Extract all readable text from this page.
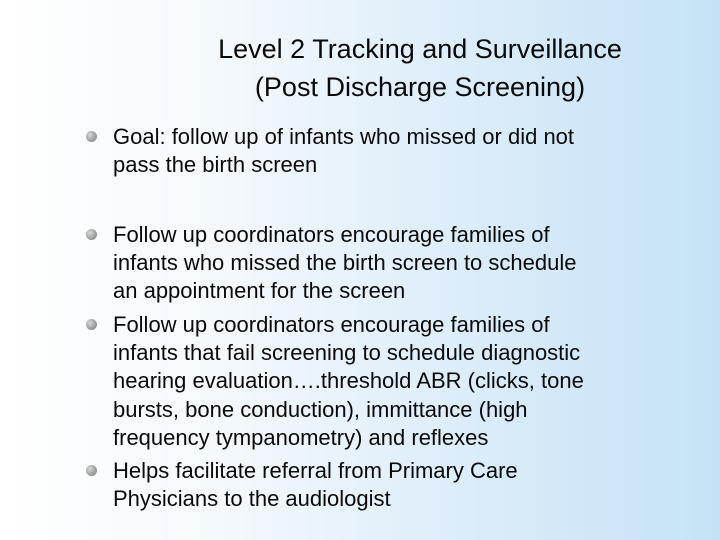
Level 2 Tracking and Surveillance
(Post Discharge Screening)
Goal: follow up of infants who missed or did not
pass the birth screen
Follow up coordinators encourage families of
infants who missed the birth screen to schedule
an appointment for the screen
Follow up coordinators encourage families of
infants that fail screening to schedule diagnostic
hearing evaluation….threshold ABR (clicks, tone
bursts, bone conduction), immittance (high
frequency tympanometry) and reflexes
Helps facilitate referral from Primary Care
Physicians to the audiologist
